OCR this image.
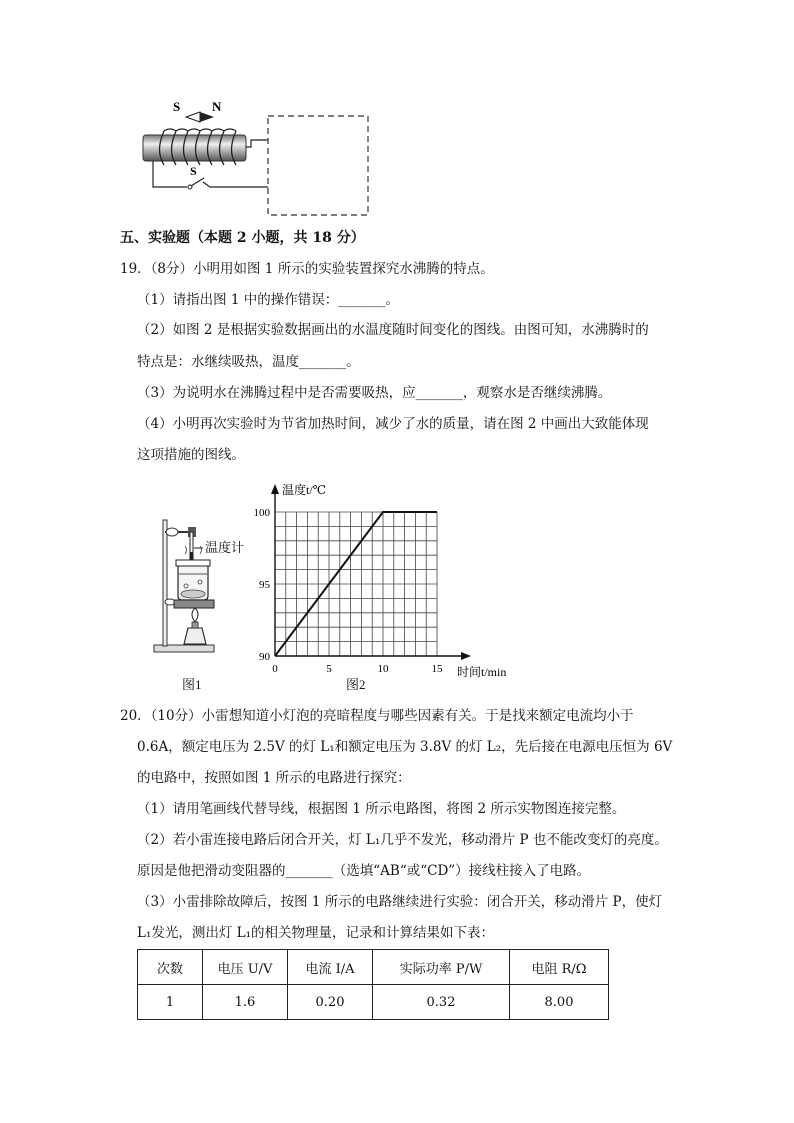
S N
S
五、实验题（本题 2 小题，共 18 分）
19．（8分）小明用如图 1 所示的实验装置探究水沸腾的特点。
（1）请指出图 1 中的操作错误：_______。
（2）如图 2 是根据实验数据画出的水温度随时间变化的图线。由图可知，水沸腾时的
特点是：水继续吸热，温度_______。
（3）为说明水在沸腾过程中是否需要吸热，应_______，观察水是否继续沸腾。
（4）小明再次实验时为节省加热时间，减少了水的质量，请在图 2 中画出大致能体现
这项措施的图线。
温度计
图1
0	5	10	15
90
95
100
温度t/℃
时间t/min
图2
20．（10分）小雷想知道小灯泡的亮暗程度与哪些因素有关。于是找来额定电流均小于
0.6A，额定电压为 2.5V 的灯 L₁和额定电压为 3.8V 的灯 L₂，先后接在电源电压恒为 6V
的电路中，按照如图 1 所示的电路进行探究：
（1）请用笔画线代替导线，根据图 1 所示电路图，将图 2 所示实物图连接完整。
（2）若小雷连接电路后闭合开关，灯 L₁几乎不发光，移动滑片 P 也不能改变灯的亮度。
原因是他把滑动变阻器的_______（选填“AB“或“CD”）接线柱接入了电路。
（3）小雷排除故障后，按图 1 所示的电路继续进行实验：闭合开关，移动滑片 P，使灯
L₁发光，测出灯 L₁的相关物理量，记录和计算结果如下表：
次数	电压 U/V	电流 I/A	实际功率 P/W	电阻 R/Ω
1	1.6	0.20	0.32	8.00
